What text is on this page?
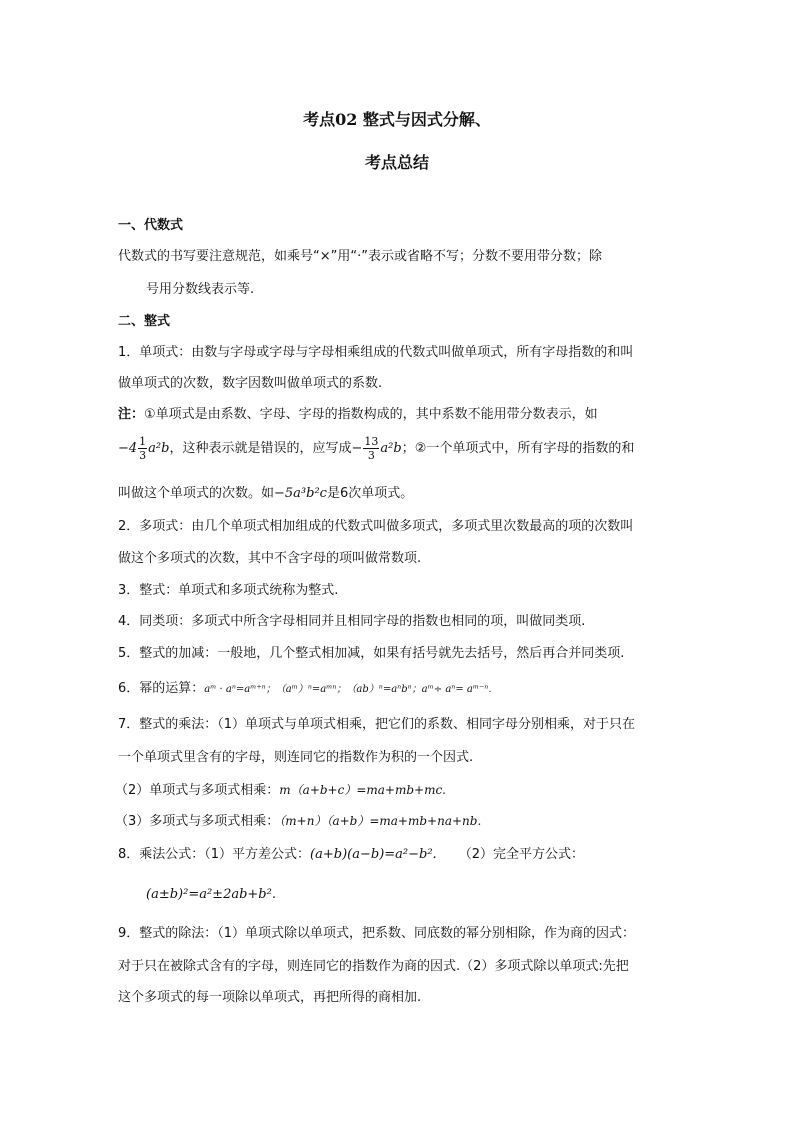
考点02 整式与因式分解、
考点总结
一、代数式
代数式的书写要注意规范，如乘号“×”用“·”表示或省略不写；分数不要用带分数；除
号用分数线表示等.
二、整式
1．单项式：由数与字母或字母与字母相乘组成的代数式叫做单项式，所有字母指数的和叫
做单项式的次数，数字因数叫做单项式的系数.
注：①单项式是由系数、字母、字母的指数构成的，其中系数不能用带分数表示，如
$-4 \frac{1}{3} a^2b$，这种表示就是错误的，应写成− $\frac{13}{3} a^2b$；②一个单项式中，所有字母的指数的和
叫做这个单项式的次数。如−5a³b²c是6次单项式。
2．多项式：由几个单项式相加组成的代数式叫做多项式，多项式里次数最高的项的次数叫
做这个多项式的次数，其中不含字母的项叫做常数项.
3．整式：单项式和多项式统称为整式.
4．同类项：多项式中所含字母相同并且相同字母的指数也相同的项，叫做同类项.
5．整式的加减：一般地，几个整式相加减，如果有括号就先去括号，然后再合并同类项.
6．幂的运算：aᵐ · aⁿ=aᵐ⁺ⁿ；（aᵐ）ⁿ=aᵐⁿ；（ab）ⁿ=aⁿbⁿ；aᵐ÷ aⁿ= aᵐ⁻ⁿ.
7．整式的乘法：（1）单项式与单项式相乘，把它们的系数、相同字母分别相乘，对于只在
一个单项式里含有的字母，则连同它的指数作为积的一个因式.
（2）单项式与多项式相乘：m（a+b+c）=ma+mb+mc.
（3）多项式与多项式相乘：（m+n）（a+b）=ma+mb+na+nb.
8．乘法公式：（1）平方差公式：(a+b)(a−b)=a²−b². （2）完全平方公式：
(a±b)²=a²±2ab+b².
9．整式的除法：（1）单项式除以单项式，把系数、同底数的幂分别相除，作为商的因式：
对于只在被除式含有的字母，则连同它的指数作为商的因式.（2）多项式除以单项式:先把
这个多项式的每一项除以单项式，再把所得的商相加.
